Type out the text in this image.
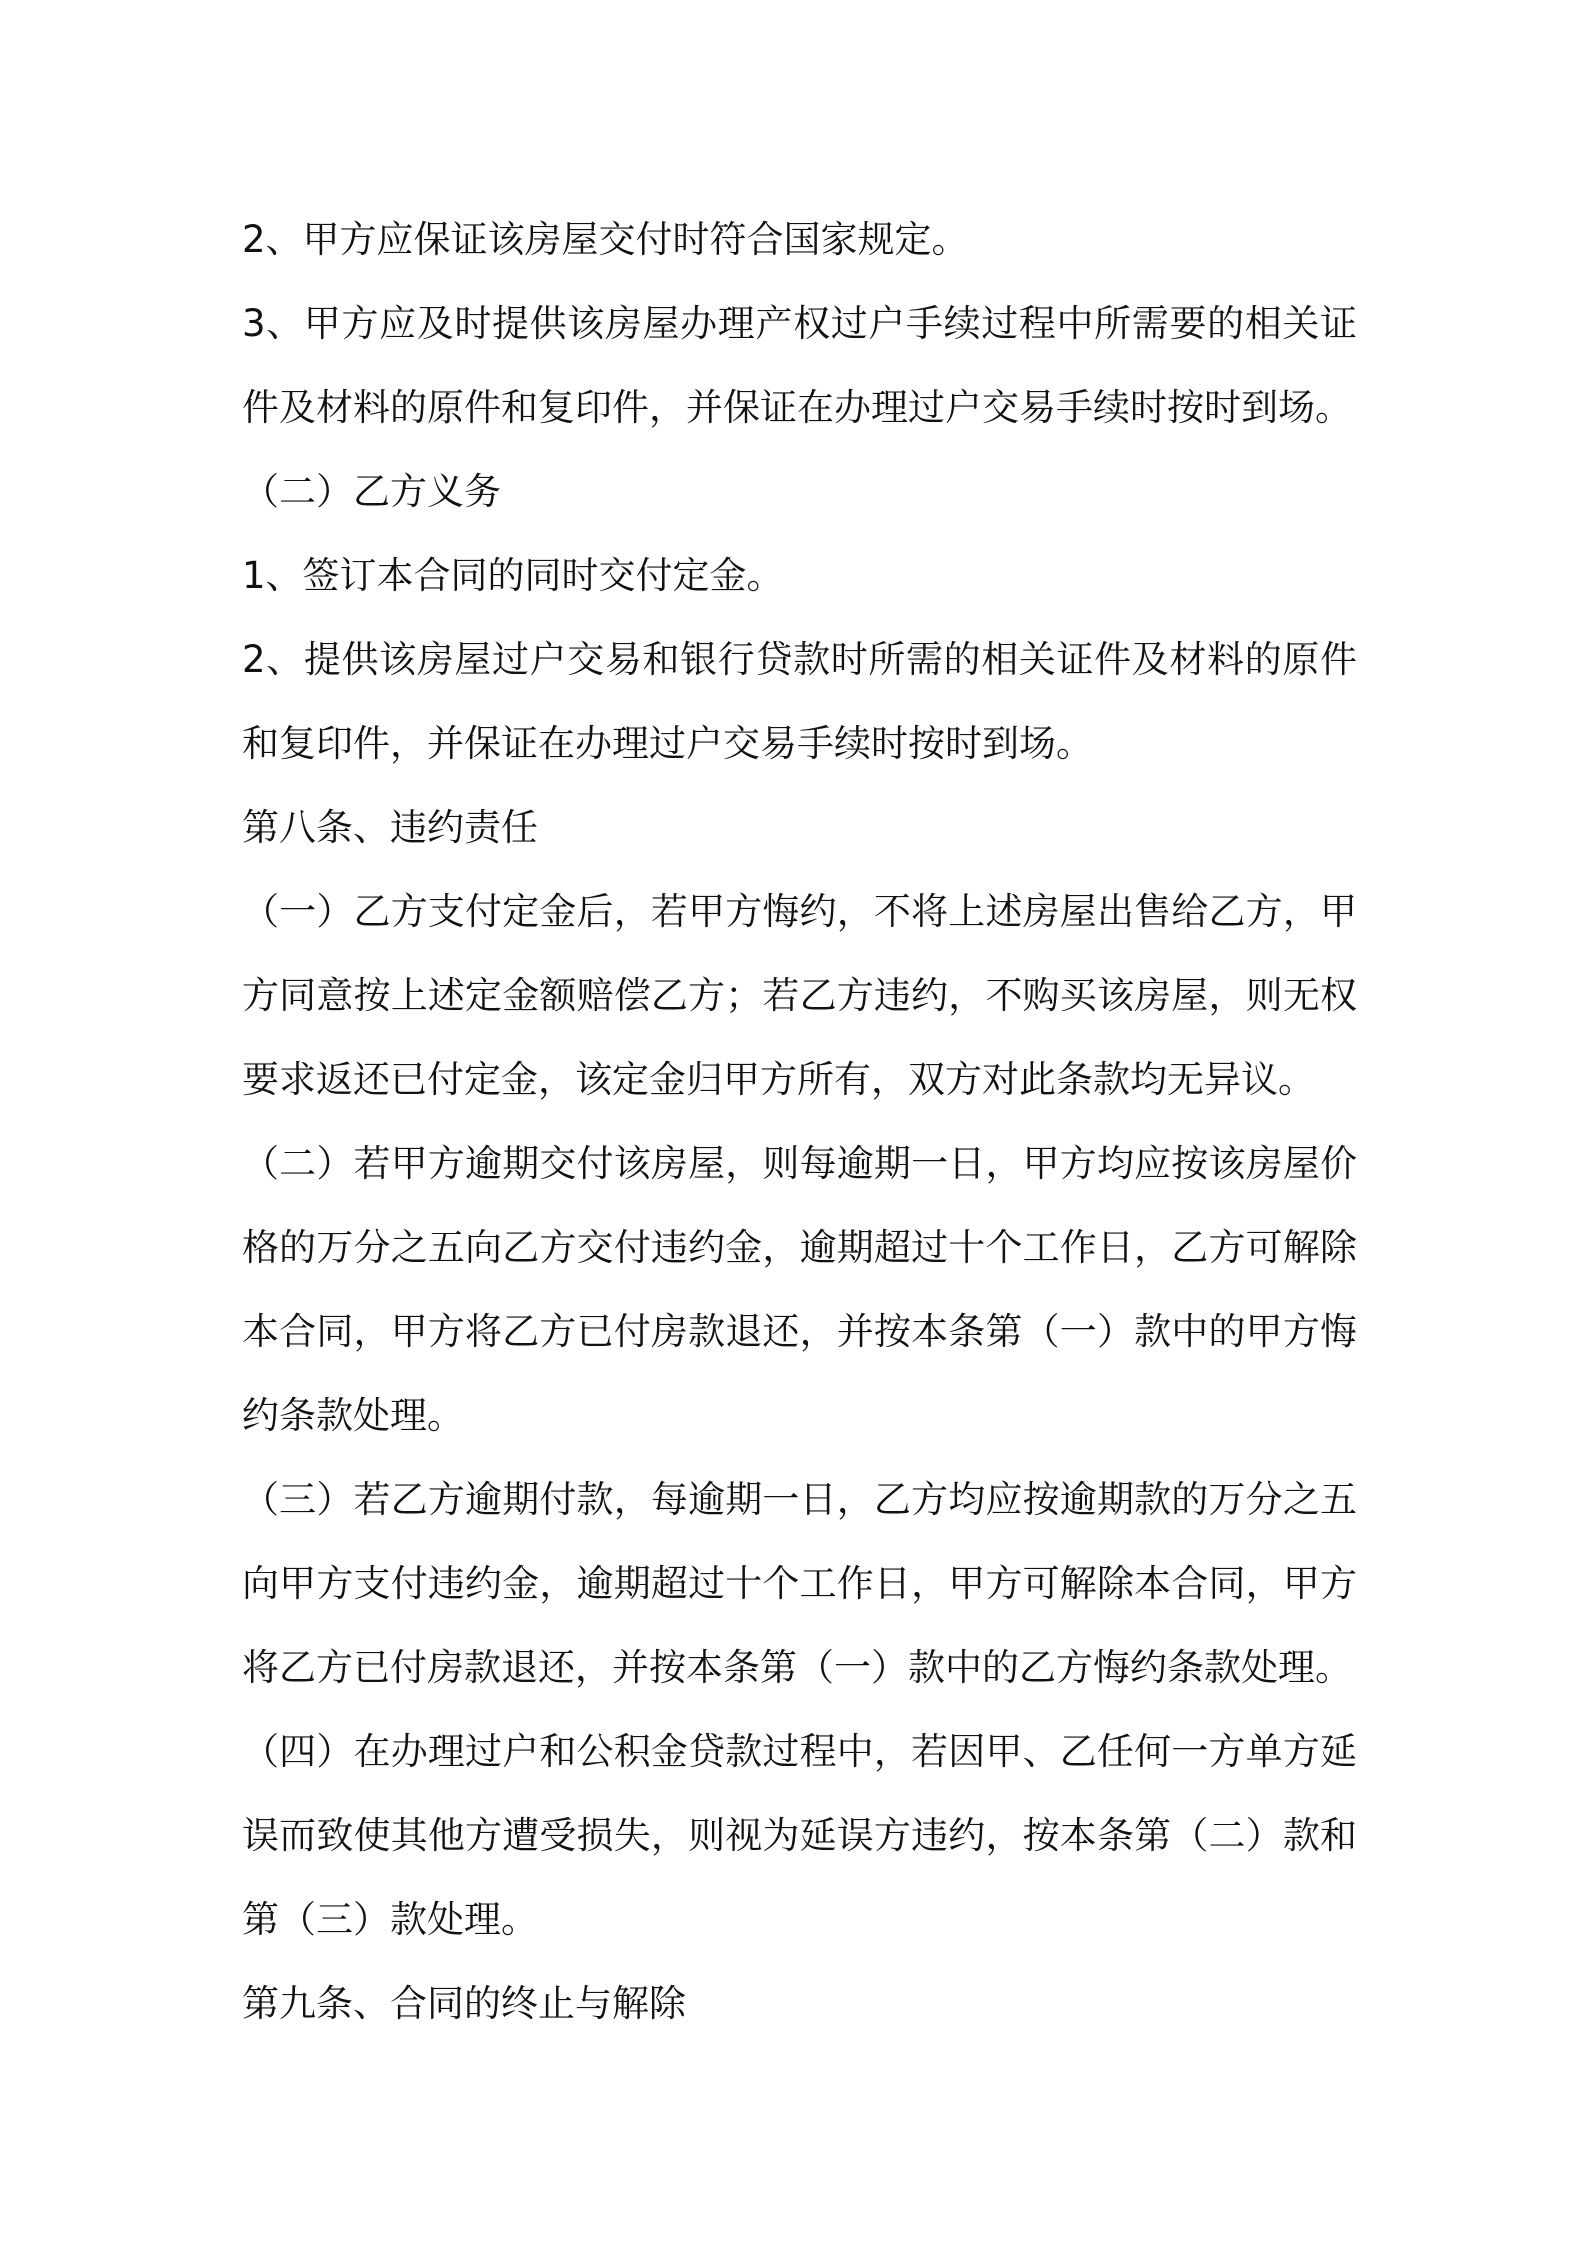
2、甲方应保证该房屋交付时符合国家规定。

3、甲方应及时提供该房屋办理产权过户手续过程中所需要的相关证件及材料的原件和复印件，并保证在办理过户交易手续时按时到场。

（二）乙方义务

1、签订本合同的同时交付定金。

2、提供该房屋过户交易和银行贷款时所需的相关证件及材料的原件和复印件，并保证在办理过户交易手续时按时到场。

第八条、违约责任

（一）乙方支付定金后，若甲方悔约，不将上述房屋出售给乙方，甲方同意按上述定金额赔偿乙方；若乙方违约，不购买该房屋，则无权要求返还已付定金，该定金归甲方所有，双方对此条款均无异议。

（二）若甲方逾期交付该房屋，则每逾期一日，甲方均应按该房屋价格的万分之五向乙方交付违约金，逾期超过十个工作日，乙方可解除本合同，甲方将乙方已付房款退还，并按本条第（一）款中的甲方悔约条款处理。

（三）若乙方逾期付款，每逾期一日，乙方均应按逾期款的万分之五向甲方支付违约金，逾期超过十个工作日，甲方可解除本合同，甲方将乙方已付房款退还，并按本条第（一）款中的乙方悔约条款处理。

（四）在办理过户和公积金贷款过程中，若因甲、乙任何一方单方延误而致使其他方遭受损失，则视为延误方违约，按本条第（二）款和第（三）款处理。

第九条、合同的终止与解除
